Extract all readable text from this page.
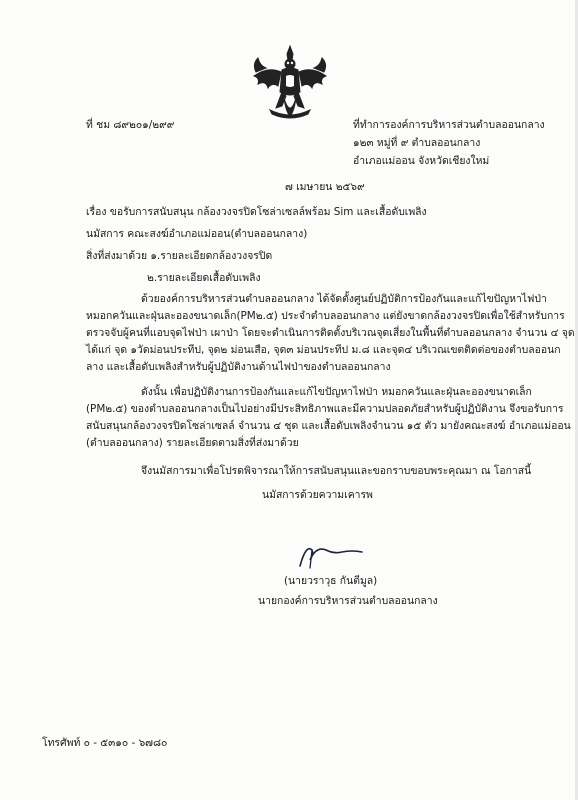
ที่ ชม ๘๙๒๐๑/๒๙๙	ที่ทำการองค์การบริหารส่วนตำบลออนกลาง
๑๒๓ หมู่ที่ ๙ ตำบลออนกลาง
อำเภอแม่ออน จังหวัดเชียงใหม่
๗ เมษายน ๒๕๖๙
เรื่อง ขอรับการสนับสนุน กล้องวงจรปิดโซล่าเซลล์พร้อม Sim และเสื้อดับเพลิง
นมัสการ คณะสงฆ์อำเภอแม่ออน(ตำบลออนกลาง)
สิ่งที่ส่งมาด้วย ๑.รายละเอียดกล้องวงจรปิด
๒.รายละเอียดเสื้อดับเพลิง
ด้วยองค์การบริหารส่วนตำบลออนกลาง ได้จัดตั้งศูนย์ปฏิบัติการป้องกันและแก้ไขปัญหาไฟป่า
หมอกควันและฝุ่นละอองขนาดเล็ก(PM๒.๕) ประจำตำบลออนกลาง แต่ยังขาดกล้องวงจรปิดเพื่อใช้สำหรับการ
ตรวจจับผู้คนที่แอบจุดไฟป่า เผาป่า โดยจะดำเนินการติดตั้งบริเวณจุดเสี่ยงในพื้นที่ตำบลออนกลาง จำนวน ๔ จุด
ได้แก่ จุด ๑วัดม่อนประทีป, จุด๒ ม่อนเสือ, จุด๓ ม่อนประทีป ม.๘ และจุด๔ บริเวณเขตติดต่อของตำบลออนก
ลาง และเสื้อดับเพลิงสำหรับผู้ปฏิบัติงานด้านไฟป่าของตำบลออนกลาง
ดังนั้น เพื่อปฏิบัติงานการป้องกันและแก้ไขปัญหาไฟป่า หมอกควันและฝุ่นละอองขนาดเล็ก
(PM๒.๕) ของตำบลออนกลางเป็นไปอย่างมีประสิทธิภาพและมีความปลอดภัยสำหรับผู้ปฏิบัติงาน จึงขอรับการ
สนับสนุนกล้องวงจรปิดโซล่าเซลล์ จำนวน ๔ ชุด และเสื้อดับเพลิงจำนวน ๑๕ ตัว มายังคณะสงฆ์ อำเภอแม่ออน
(ตำบลออนกลาง) รายละเอียดตามสิ่งที่ส่งมาด้วย
จึงนมัสการมาเพื่อโปรดพิจารณาให้การสนับสนุนและขอกราบขอบพระคุณมา ณ โอกาสนี้
นมัสการด้วยความเคารพ
(นายวราวุธ กันตีมูล)
นายกองค์การบริหารส่วนตำบลออนกลาง
โทรศัพท์ ๐ - ๕๓๑๐ - ๖๗๘๐
